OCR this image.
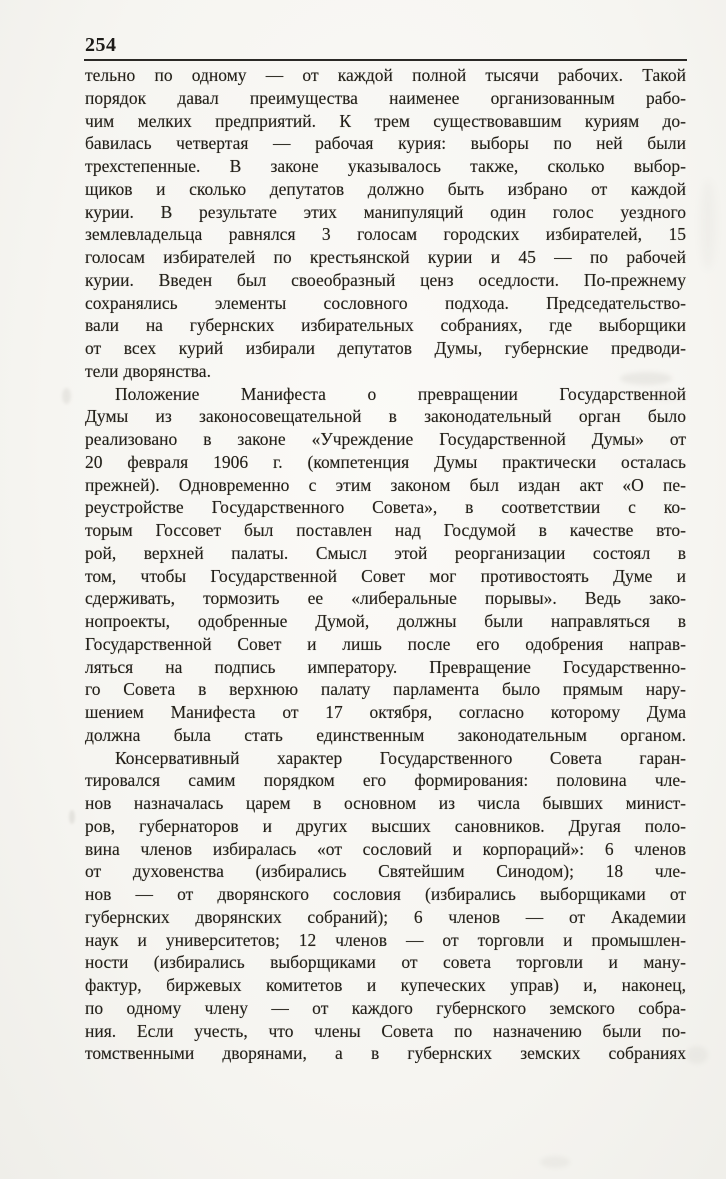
254
тельно по одному — от каждой полной тысячи рабочих. Такой
порядок давал преимущества наименее организованным рабо-
чим мелких предприятий. К трем существовавшим куриям до-
бавилась четвертая — рабочая курия: выборы по ней были
трехстепенные. В законе указывалось также, сколько выбор-
щиков и сколько депутатов должно быть избрано от каждой
курии. В результате этих манипуляций один голос уездного
землевладельца равнялся 3 голосам городских избирателей, 15
голосам избирателей по крестьянской курии и 45 — по рабочей
курии. Введен был своеобразный ценз оседлости. По-прежнему
сохранялись элементы сословного подхода. Председательство-
вали на губернских избирательных собраниях, где выборщики
от всех курий избирали депутатов Думы, губернские предводи-
тели дворянства.
Положение Манифеста о превращении Государственной
Думы из законосовещательной в законодательный орган было
реализовано в законе «Учреждение Государственной Думы» от
20 февраля 1906 г. (компетенция Думы практически осталась
прежней). Одновременно с этим законом был издан акт «О пе-
реустройстве Государственного Совета», в соответствии с ко-
торым Госсовет был поставлен над Госдумой в качестве вто-
рой, верхней палаты. Смысл этой реорганизации состоял в
том, чтобы Государственной Совет мог противостоять Думе и
сдерживать, тормозить ее «либеральные порывы». Ведь зако-
нопроекты, одобренные Думой, должны были направляться в
Государственной Совет и лишь после его одобрения направ-
ляться на подпись императору. Превращение Государственно-
го Совета в верхнюю палату парламента было прямым нару-
шением Манифеста от 17 октября, согласно которому Дума
должна была стать единственным законодательным органом.
Консервативный характер Государственного Совета гаран-
тировался самим порядком его формирования: половина чле-
нов назначалась царем в основном из числа бывших минист-
ров, губернаторов и других высших сановников. Другая поло-
вина членов избиралась «от сословий и корпораций»: 6 членов
от духовенства (избирались Святейшим Синодом); 18 чле-
нов — от дворянского сословия (избирались выборщиками от
губернских дворянских собраний); 6 членов — от Академии
наук и университетов; 12 членов — от торговли и промышлен-
ности (избирались выборщиками от совета торговли и ману-
фактур, биржевых комитетов и купеческих управ) и, наконец,
по одному члену — от каждого губернского земского собра-
ния. Если учесть, что члены Совета по назначению были по-
томственными дворянами, а в губернских земских собраниях
